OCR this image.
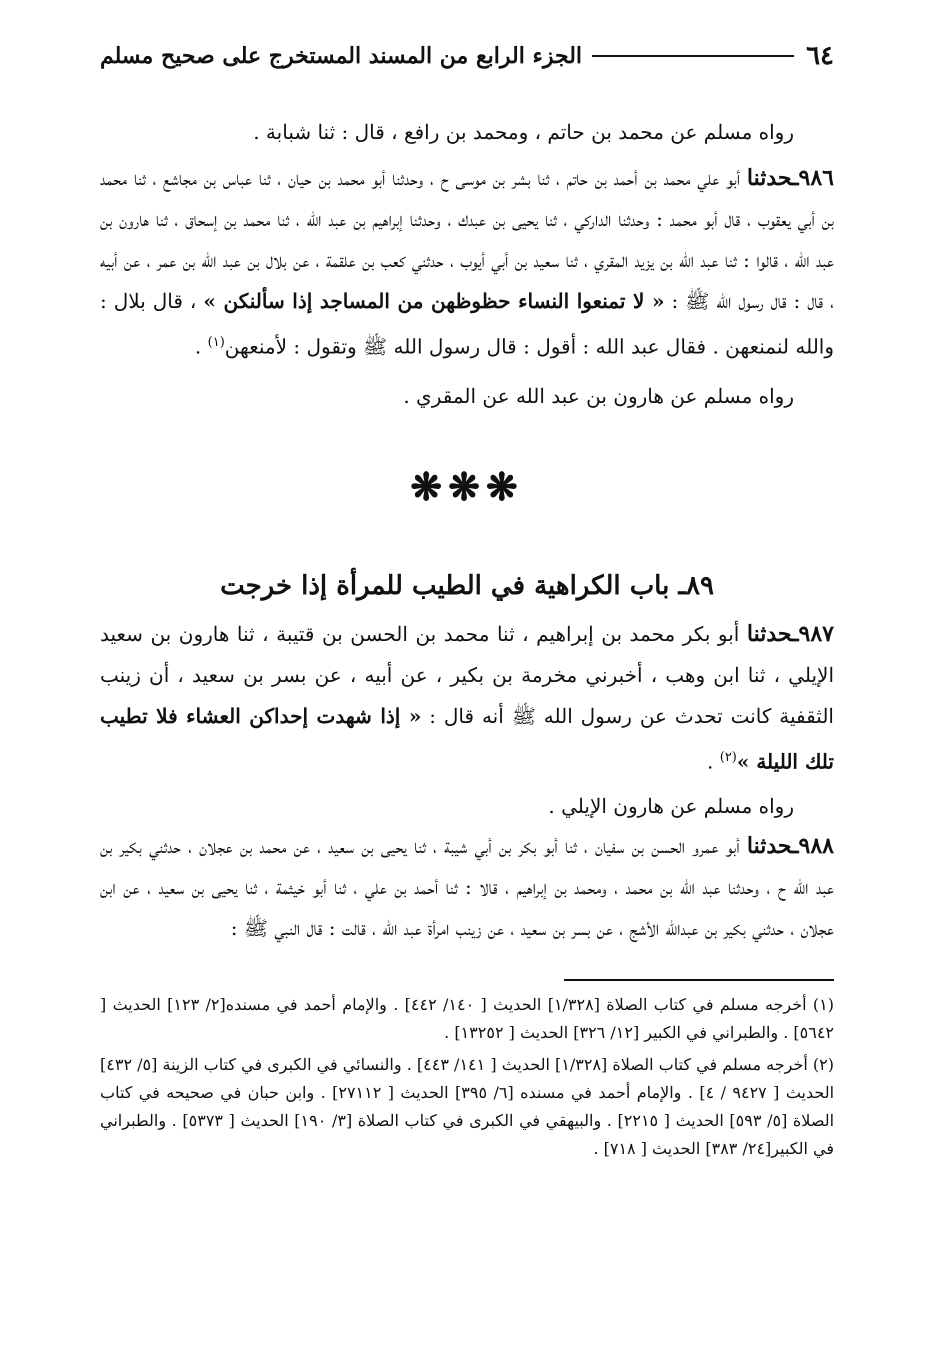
٦٤
الجزء الرابع من المسند المستخرج على صحيح مسلم

رواه مسلم عن محمد بن حاتم ، ومحمد بن رافع ، قال : ثنا شبابة .

٩٨٦ـحدثنا أبو علي محمد بن أحمد بن حاتم ، ثنا بشر بن موسى ح ، وحدثنا أبو محمد بن حيان ، ثنا عباس بن مجاشع ، ثنا محمد بن أبي يعقوب ، قال أبو محمد : وحدثنا الداركي ، ثنا يحيى بن عبدك ، وحدثنا إبراهيم بن عبد الله ، ثنا محمد بن إسحاق ، ثنا هارون بن عبد الله ، قالوا : ثنا عبد الله بن يزيد المقري ، ثنا سعيد بن أبي أيوب ، حدثني كعب بن علقمة ، عن بلال بن عبد الله بن عمر ، عن أبيه ، قال : قال رسول الله ﷺ : « لا تمنعوا النساء حظوظهن من المساجد إذا سألنكن » ، قال بلال : والله لنمنعهن . فقال عبد الله : أقول : قال رسول الله ﷺ وتقول : لأمنعهن$^{(١)}$ .

رواه مسلم عن هارون بن عبد الله عن المقري .

❋❋❋
٨٩ـ باب الكراهية في الطيب للمرأة إذا خرجت

٩٨٧ـحدثنا أبو بكر محمد بن إبراهيم ، ثنا محمد بن الحسن بن قتيبة ، ثنا هارون بن سعيد الإيلي ، ثنا ابن وهب ، أخبرني مخرمة بن بكير ، عن أبيه ، عن بسر بن سعيد ، أن زينب الثقفية كانت تحدث عن رسول الله ﷺ أنه قال : « إذا شهدت إحداكن العشاء فلا تطيب تلك الليلة »$^{(٢)}$ .

رواه مسلم عن هارون الإيلي .

٩٨٨ـحدثنا أبو عمرو الحسن بن سفيان ، ثنا أبو بكر بن أبي شيبة ، ثنا يحيى بن سعيد ، عن محمد بن عجلان ، حدثني بكير بن عبد الله ح ، وحدثنا عبد الله بن محمد ، ومحمد بن إبراهيم ، قالا : ثنا أحمد بن علي ، ثنا أبو خيثمة ، ثنا يحيى بن سعيد ، عن ابن عجلان ، حدثني بكير بن عبدالله الأشج ، عن بسر بن سعيد ، عن زينب امرأة عبد الله ، قالت : قال النبي ﷺ :

(١) أخرجه مسلم في كتاب الصلاة [١/٣٢٨] الحديث [ ١٤٠/ ٤٤٢] . والإمام أحمد في مسنده[٢/ ١٢٣] الحديث [ ٥٦٤٢] . والطبراني في الكبير [١٢/ ٣٢٦] الحديث [ ١٣٢٥٢] .

(٢) أخرجه مسلم في كتاب الصلاة [١/٣٢٨] الحديث [ ١٤١/ ٤٤٣] . والنسائي في الكبرى في كتاب الزينة [٥/ ٤٣٢] الحديث [ ٩٤٢٧ / ٤] . والإمام أحمد في مسنده [٦/ ٣٩٥] الحديث [ ٢٧١١٢] . وابن حبان في صحيحه في كتاب الصلاة [٥/ ٥٩٣] الحديث [ ٢٢١٥] . والبيهقي في الكبرى في كتاب الصلاة [٣/ ١٩٠] الحديث [ ٥٣٧٣] . والطبراني في الكبير[٢٤/ ٣٨٣] الحديث [ ٧١٨] .
